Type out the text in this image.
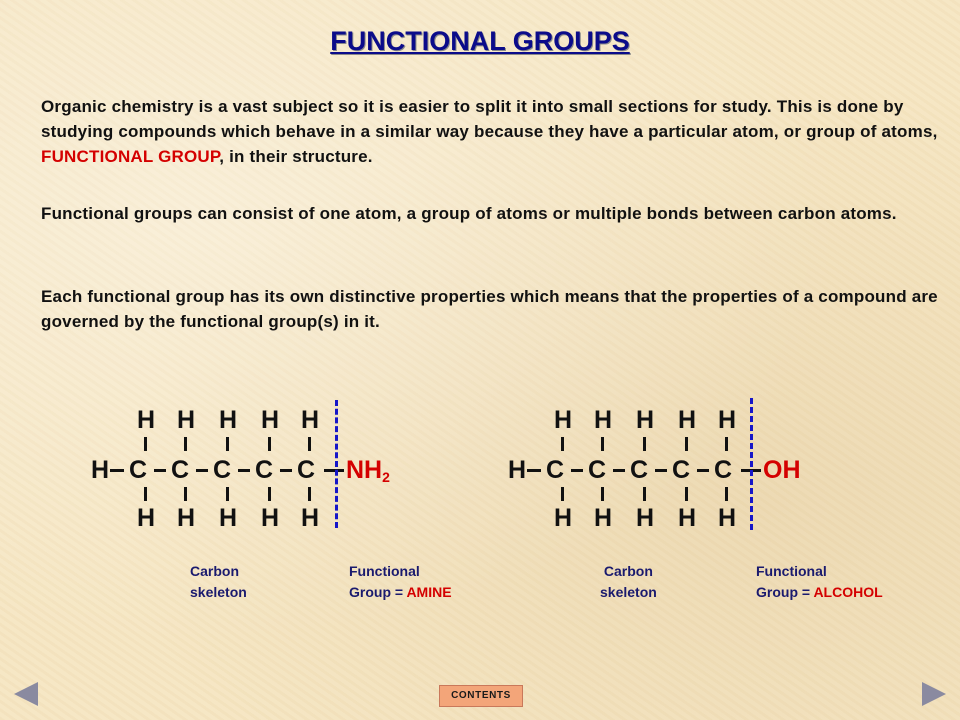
FUNCTIONAL GROUPS
Organic chemistry is a vast subject so it is easier to split it into small sections for study. This is done by studying compounds which behave in a similar way because they have a particular atom, or group of atoms, FUNCTIONAL GROUP, in their structure.
Functional groups can consist of one atom, a group of atoms or multiple bonds between carbon atoms.
Each functional group has its own distinctive properties which means that the properties of a compound are governed by the functional group(s) in it.
H H H H H
H C C C C C $NH_2$
H H H H H
Carbon
skeleton
Functional
Group = AMINE
H H H H H
H C C C C C OH
H H H H H
Carbon
skeleton
Functional
Group = ALCOHOL
CONTENTS
